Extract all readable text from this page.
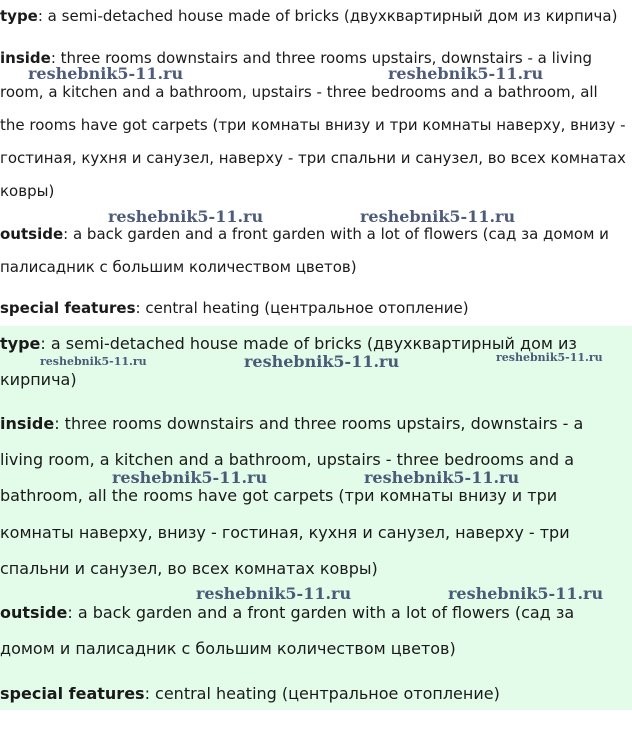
type: a semi-detached house made of bricks (двухквартирный дом из кирпича)

inside: three rooms downstairs and three rooms upstairs, downstairs - a living

room, a kitchen and a bathroom, upstairs - three bedrooms and a bathroom, all

the rooms have got carpets (три комнаты внизу и три комнаты наверху, внизу -

гостиная, кухня и санузел, наверху - три спальни и санузел, во всех комнатах

ковры)

outside: a back garden and a front garden with a lot of flowers (сад за домом и

палисадник с большим количеством цветов)

special features: central heating (центральное отопление)

type: a semi-detached house made of bricks (двухквартирный дом из

кирпича)

inside: three rooms downstairs and three rooms upstairs, downstairs - a

living room, a kitchen and a bathroom, upstairs - three bedrooms and a

bathroom, all the rooms have got carpets (три комнаты внизу и три

комнаты наверху, внизу - гостиная, кухня и санузел, наверху - три

спальни и санузел, во всех комнатах ковры)

outside: a back garden and a front garden with a lot of flowers (сад за

домом и палисадник с большим количеством цветов)

special features: central heating (центральное отопление)

reshebnik5-11.ru	reshebnik5-11.ru
reshebnik5-11.ru	reshebnik5-11.ru
reshebnik5-11.ru	reshebnik5-11.ru	reshebnik5-11.ru
reshebnik5-11.ru	reshebnik5-11.ru
reshebnik5-11.ru	reshebnik5-11.ru
